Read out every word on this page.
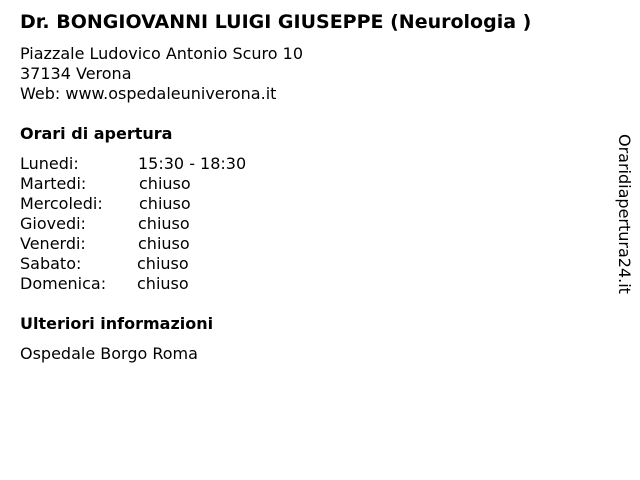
Dr. BONGIOVANNI LUIGI GIUSEPPE (Neurologia )
Piazzale Ludovico Antonio Scuro 10
37134 Verona
Web: www.ospedaleuniverona.it
Orari di apertura
Lunedi:	15:30 - 18:30
Martedi:	chiuso
Mercoledi: chiuso
Giovedi:	chiuso
Venerdi:	chiuso
Sabato:	chiuso
Domenica: chiuso
Ulteriori informazioni
Ospedale Borgo Roma
Oraridiapertura24.it
